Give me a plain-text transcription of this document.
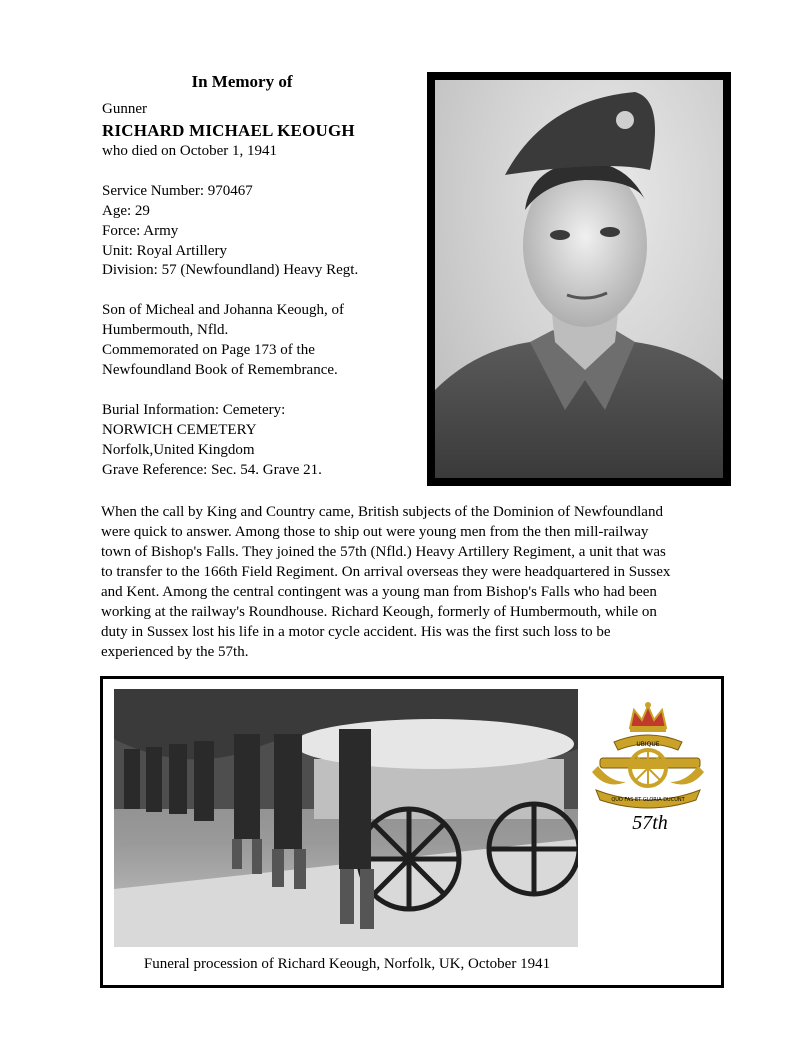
In Memory of
Gunner
RICHARD MICHAEL KEOUGH
who died on October 1, 1941
Service Number: 970467
Age: 29
Force: Army
Unit: Royal Artillery
Division: 57 (Newfoundland) Heavy Regt.
Son of Micheal and Johanna Keough, of
Humbermouth, Nfld.
Commemorated on Page 173 of the
Newfoundland Book of Remembrance.
Burial Information: Cemetery:
NORWICH CEMETERY
Norfolk,United Kingdom
Grave Reference: Sec. 54. Grave 21.
When the call by King and Country came, British subjects of the Dominion of Newfoundland
were quick to answer. Among those to ship out were young men from the then mill-railway
town of Bishop's Falls. They joined the 57th (Nfld.) Heavy Artillery Regiment, a unit that was
to transfer to the 166th Field Regiment. On arrival overseas they were headquartered in Sussex
and Kent. Among the central contingent was a young man from Bishop's Falls who had been
working at the railway's Roundhouse. Richard Keough, formerly of Humbermouth, while on
duty in Sussex lost his life in a motor cycle accident. His was the first such loss to be
experienced by the 57th.
Funeral procession of Richard Keough, Norfolk, UK, October 1941
UBIQUE
QUO FAS ET GLORIA DUCUNT
57th
